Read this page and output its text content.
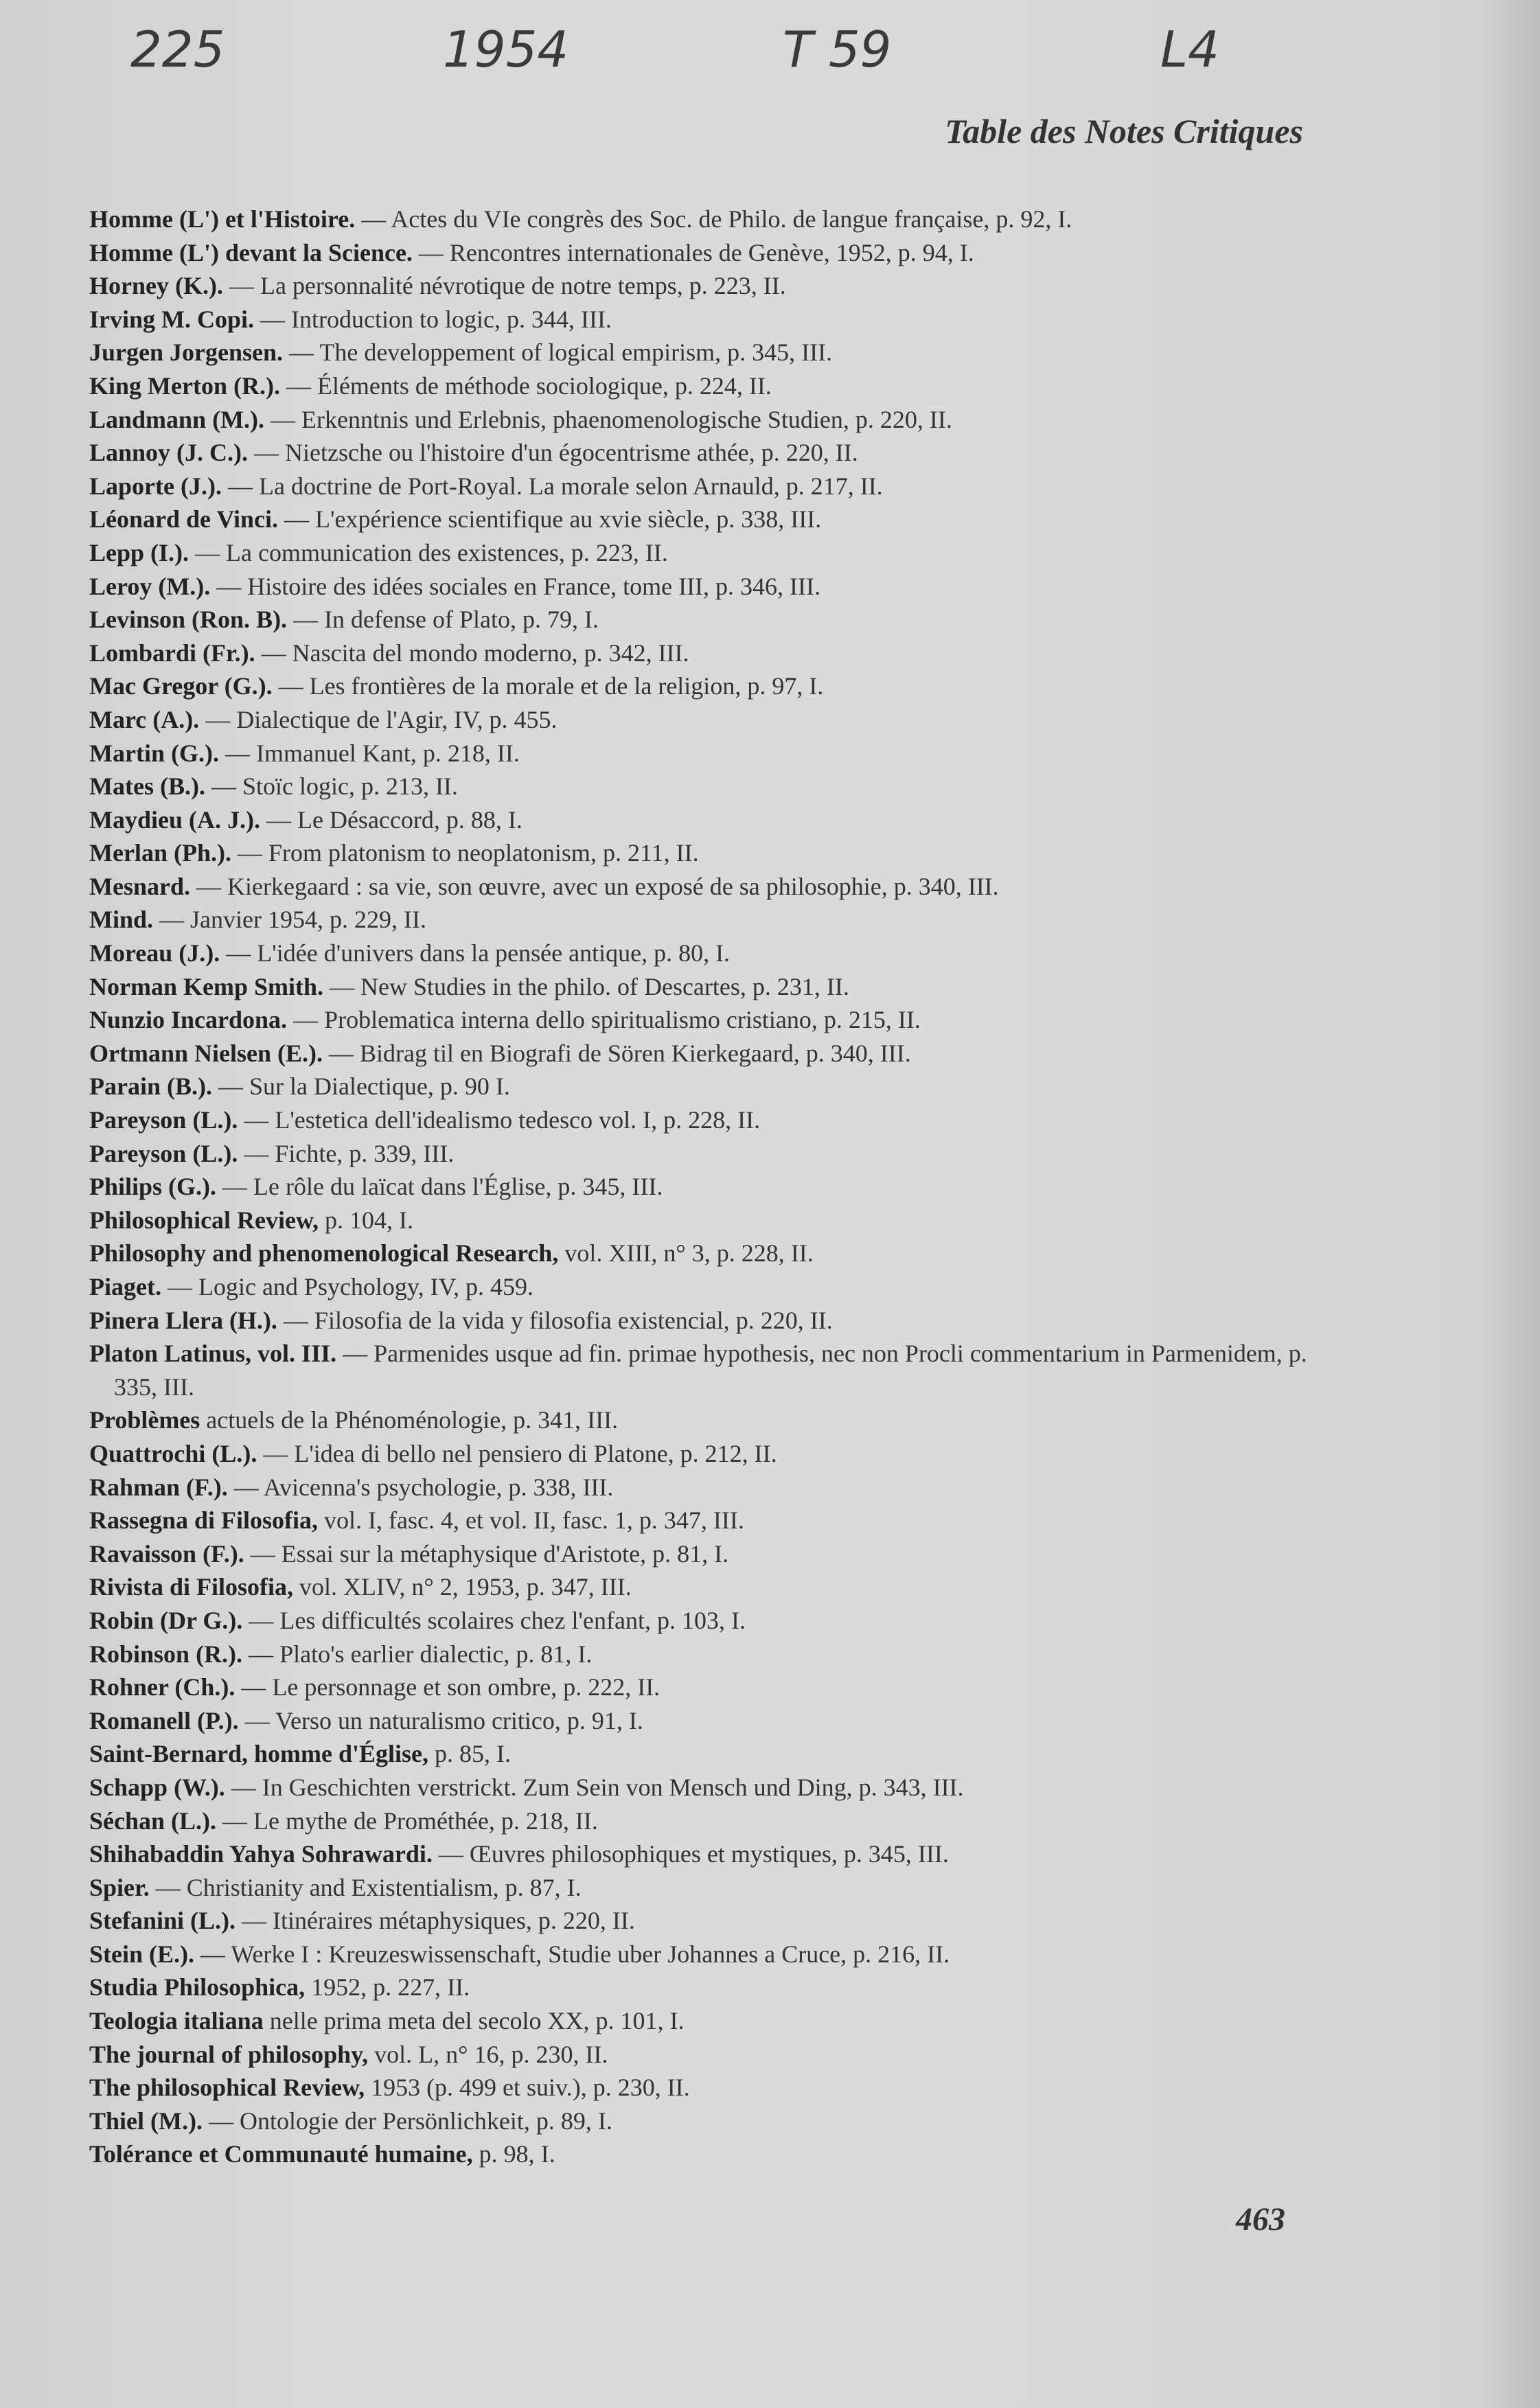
225	1954	T 59	L4
Table des Notes Critiques
Homme (L') et l'Histoire. — Actes du VIe congrès des Soc. de Philo. de langue française, p. 92, I.
Homme (L') devant la Science. — Rencontres internationales de Genève, 1952, p. 94, I.
Horney (K.). — La personnalité névrotique de notre temps, p. 223, II.
Irving M. Copi. — Introduction to logic, p. 344, III.
Jurgen Jorgensen. — The developpement of logical empirism, p. 345, III.
King Merton (R.). — Éléments de méthode sociologique, p. 224, II.
Landmann (M.). — Erkenntnis und Erlebnis, phaenomenologische Studien, p. 220, II.
Lannoy (J. C.). — Nietzsche ou l'histoire d'un égocentrisme athée, p. 220, II.
Laporte (J.). — La doctrine de Port-Royal. La morale selon Arnauld, p. 217, II.
Léonard de Vinci. — L'expérience scientifique au xvie siècle, p. 338, III.
Lepp (I.). — La communication des existences, p. 223, II.
Leroy (M.). — Histoire des idées sociales en France, tome III, p. 346, III.
Levinson (Ron. B). — In defense of Plato, p. 79, I.
Lombardi (Fr.). — Nascita del mondo moderno, p. 342, III.
Mac Gregor (G.). — Les frontières de la morale et de la religion, p. 97, I.
Marc (A.). — Dialectique de l'Agir, IV, p. 455.
Martin (G.). — Immanuel Kant, p. 218, II.
Mates (B.). — Stoïc logic, p. 213, II.
Maydieu (A. J.). — Le Désaccord, p. 88, I.
Merlan (Ph.). — From platonism to neoplatonism, p. 211, II.
Mesnard. — Kierkegaard : sa vie, son œuvre, avec un exposé de sa philosophie, p. 340, III.
Mind. — Janvier 1954, p. 229, II.
Moreau (J.). — L'idée d'univers dans la pensée antique, p. 80, I.
Norman Kemp Smith. — New Studies in the philo. of Descartes, p. 231, II.
Nunzio Incardona. — Problematica interna dello spiritualismo cristiano, p. 215, II.
Ortmann Nielsen (E.). — Bidrag til en Biografi de Sören Kierkegaard, p. 340, III.
Parain (B.). — Sur la Dialectique, p. 90 I.
Pareyson (L.). — L'estetica dell'idealismo tedesco vol. I, p. 228, II.
Pareyson (L.). — Fichte, p. 339, III.
Philips (G.). — Le rôle du laïcat dans l'Église, p. 345, III.
Philosophical Review, p. 104, I.
Philosophy and phenomenological Research, vol. XIII, n° 3, p. 228, II.
Piaget. — Logic and Psychology, IV, p. 459.
Pinera Llera (H.). — Filosofia de la vida y filosofia existencial, p. 220, II.
Platon Latinus, vol. III. — Parmenides usque ad fin. primae hypothesis, nec non Procli commentarium in Parmenidem, p. 335, III.
Problèmes actuels de la Phénoménologie, p. 341, III.
Quattrochi (L.). — L'idea di bello nel pensiero di Platone, p. 212, II.
Rahman (F.). — Avicenna's psychologie, p. 338, III.
Rassegna di Filosofia, vol. I, fasc. 4, et vol. II, fasc. 1, p. 347, III.
Ravaisson (F.). — Essai sur la métaphysique d'Aristote, p. 81, I.
Rivista di Filosofia, vol. XLIV, n° 2, 1953, p. 347, III.
Robin (Dr G.). — Les difficultés scolaires chez l'enfant, p. 103, I.
Robinson (R.). — Plato's earlier dialectic, p. 81, I.
Rohner (Ch.). — Le personnage et son ombre, p. 222, II.
Romanell (P.). — Verso un naturalismo critico, p. 91, I.
Saint-Bernard, homme d'Église, p. 85, I.
Schapp (W.). — In Geschichten verstrickt. Zum Sein von Mensch und Ding, p. 343, III.
Séchan (L.). — Le mythe de Prométhée, p. 218, II.
Shihabaddin Yahya Sohrawardi. — Œuvres philosophiques et mystiques, p. 345, III.
Spier. — Christianity and Existentialism, p. 87, I.
Stefanini (L.). — Itinéraires métaphysiques, p. 220, II.
Stein (E.). — Werke I : Kreuzeswissenschaft, Studie uber Johannes a Cruce, p. 216, II.
Studia Philosophica, 1952, p. 227, II.
Teologia italiana nelle prima meta del secolo XX, p. 101, I.
The journal of philosophy, vol. L, n° 16, p. 230, II.
The philosophical Review, 1953 (p. 499 et suiv.), p. 230, II.
Thiel (M.). — Ontologie der Persönlichkeit, p. 89, I.
Tolérance et Communauté humaine, p. 98, I.
463
